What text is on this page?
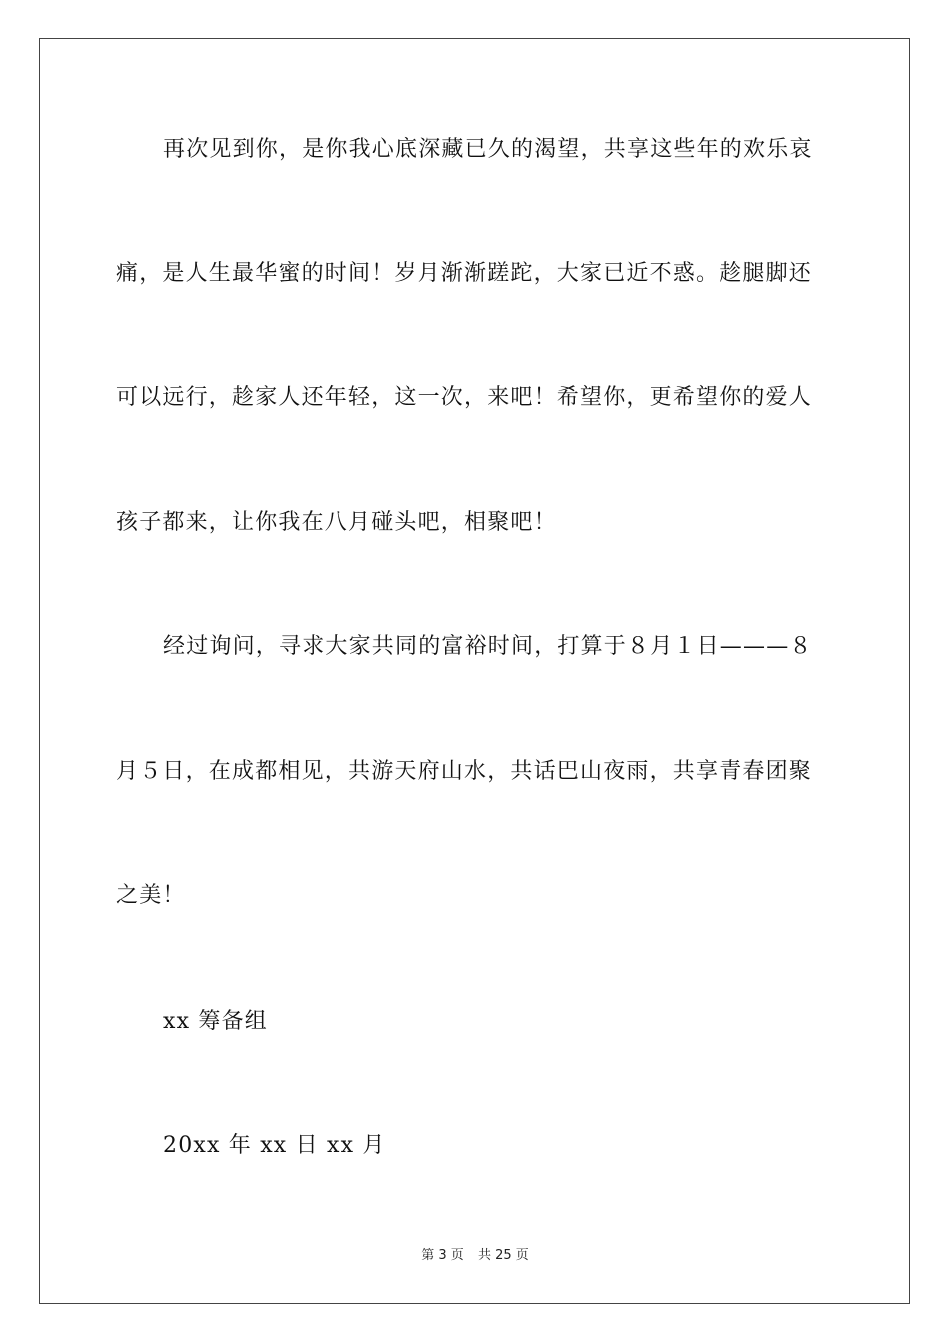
再次见到你，是你我心底深藏已久的渴望，共享这些年的欢乐哀
痛，是人生最华蜜的时间！岁月渐渐蹉跎，大家已近不惑。趁腿脚还
可以远行，趁家人还年轻，这一次，来吧！希望你，更希望你的爱人
孩子都来，让你我在八月碰头吧，相聚吧！
经过询问，寻求大家共同的富裕时间，打算于８月１日———８
月５日，在成都相见，共游天府山水，共话巴山夜雨，共享青春团聚
之美！
xx 筹备组
20xx 年 xx 日 xx 月
第 3 页 共 25 页
